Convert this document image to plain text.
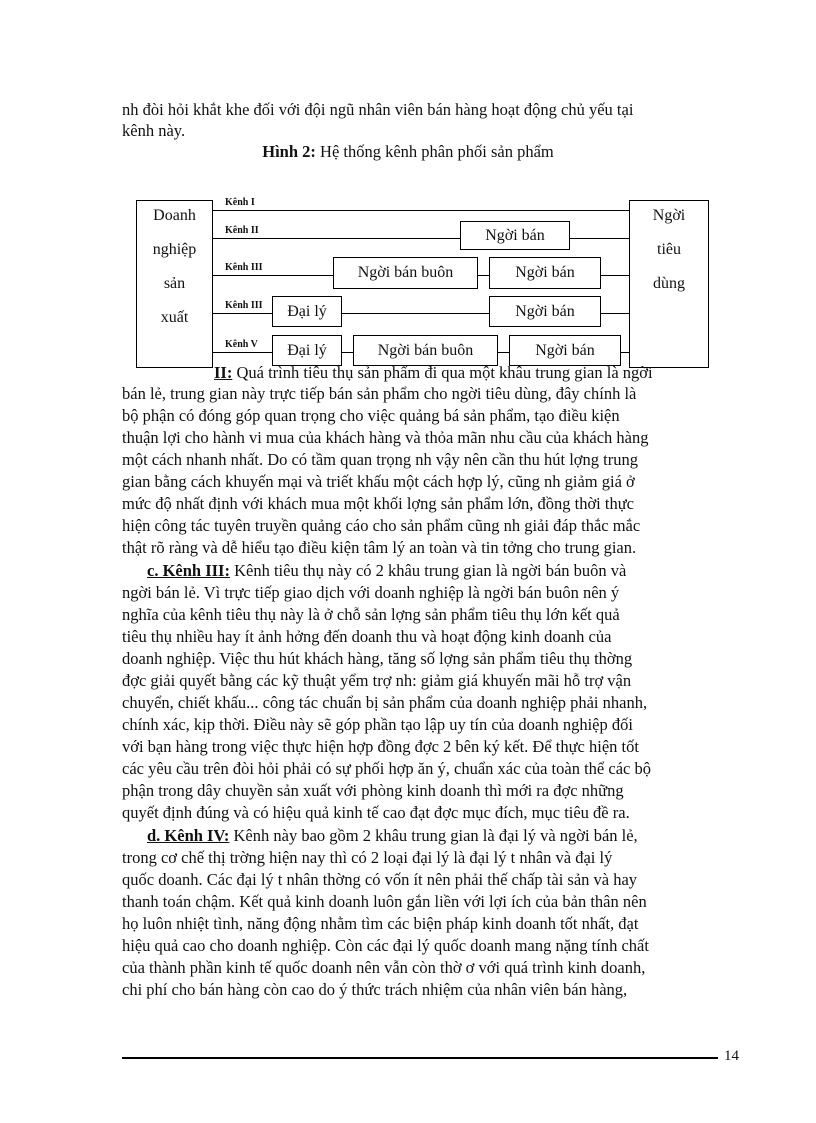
nh đòi hỏi khắt khe đối với đội ngũ nhân viên bán hàng hoạt động chủ yếu tại
kênh này.
Hình 2: Hệ thống kênh phân phối sản phẩm
Doanh
nghiệp
sản
xuất
Ngời
tiêu
dùng
Kênh I
Kênh II
Kênh III
Kênh III
Kênh V
Ngời bán
Ngời bán buôn	Ngời bán
Đại lý	Ngời bán
Đại lý	Ngời bán buôn	Ngời bán
II: Quá trình tiêu thụ sản phẩm đi qua một khâu trung gian là ngời
bán lẻ, trung gian này trực tiếp bán sản phẩm cho ngời tiêu dùng, đây chính là
bộ phận có đóng góp quan trọng cho việc quảng bá sản phẩm, tạo điều kiện
thuận lợi cho hành vi mua của khách hàng và thỏa mãn nhu cầu của khách hàng
một cách nhanh nhất. Do có tầm quan trọng nh vậy nên cần thu hút lợng trung
gian bằng cách khuyến mại và triết khấu một cách hợp lý, cũng nh giảm giá ở
mức độ nhất định với khách mua một khối lợng sản phẩm lớn, đồng thời thực
hiện công tác tuyên truyền quảng cáo cho sản phẩm cũng nh giải đáp thắc mắc
thật rõ ràng và dễ hiểu tạo điều kiện tâm lý an toàn và tin tởng cho trung gian.
c. Kênh III: Kênh tiêu thụ này có 2 khâu trung gian là ngời bán buôn và
ngời bán lẻ. Vì trực tiếp giao dịch với doanh nghiệp là ngời bán buôn nên ý
nghĩa của kênh tiêu thụ này là ở chỗ sản lợng sản phẩm tiêu thụ lớn kết quả
tiêu thụ nhiều hay ít ảnh hởng đến doanh thu và hoạt động kinh doanh của
doanh nghiệp. Việc thu hút khách hàng, tăng số lợng sản phẩm tiêu thụ thờng
đợc giải quyết bằng các kỹ thuật yểm trợ nh: giảm giá khuyến mãi hỗ trợ vận
chuyển, chiết khấu... công tác chuẩn bị sản phẩm của doanh nghiệp phải nhanh,
chính xác, kịp thời. Điều này sẽ góp phần tạo lập uy tín của doanh nghiệp đối
với bạn hàng trong việc thực hiện hợp đồng đợc 2 bên ký kết. Để thực hiện tốt
các yêu cầu trên đòi hỏi phải có sự phối hợp ăn ý, chuẩn xác của toàn thể các bộ
phận trong dây chuyền sản xuất với phòng kinh doanh thì mới ra đợc những
quyết định đúng và có hiệu quả kinh tế cao đạt đợc mục đích, mục tiêu đề ra.
d. Kênh IV: Kênh này bao gồm 2 khâu trung gian là đại lý và ngời bán lẻ,
trong cơ chế thị trờng hiện nay thì có 2 loại đại lý là đại lý t nhân và đại lý
quốc doanh. Các đại lý t nhân thờng có vốn ít nên phải thế chấp tài sản và hay
thanh toán chậm. Kết quả kinh doanh luôn gắn liền với lợi ích của bản thân nên
họ luôn nhiệt tình, năng động nhằm tìm các biện pháp kinh doanh tốt nhất, đạt
hiệu quả cao cho doanh nghiệp. Còn các đại lý quốc doanh mang nặng tính chất
của thành phần kinh tế quốc doanh nên vẫn còn thờ ơ với quá trình kinh doanh,
chi phí cho bán hàng còn cao do ý thức trách nhiệm của nhân viên bán hàng,
14
